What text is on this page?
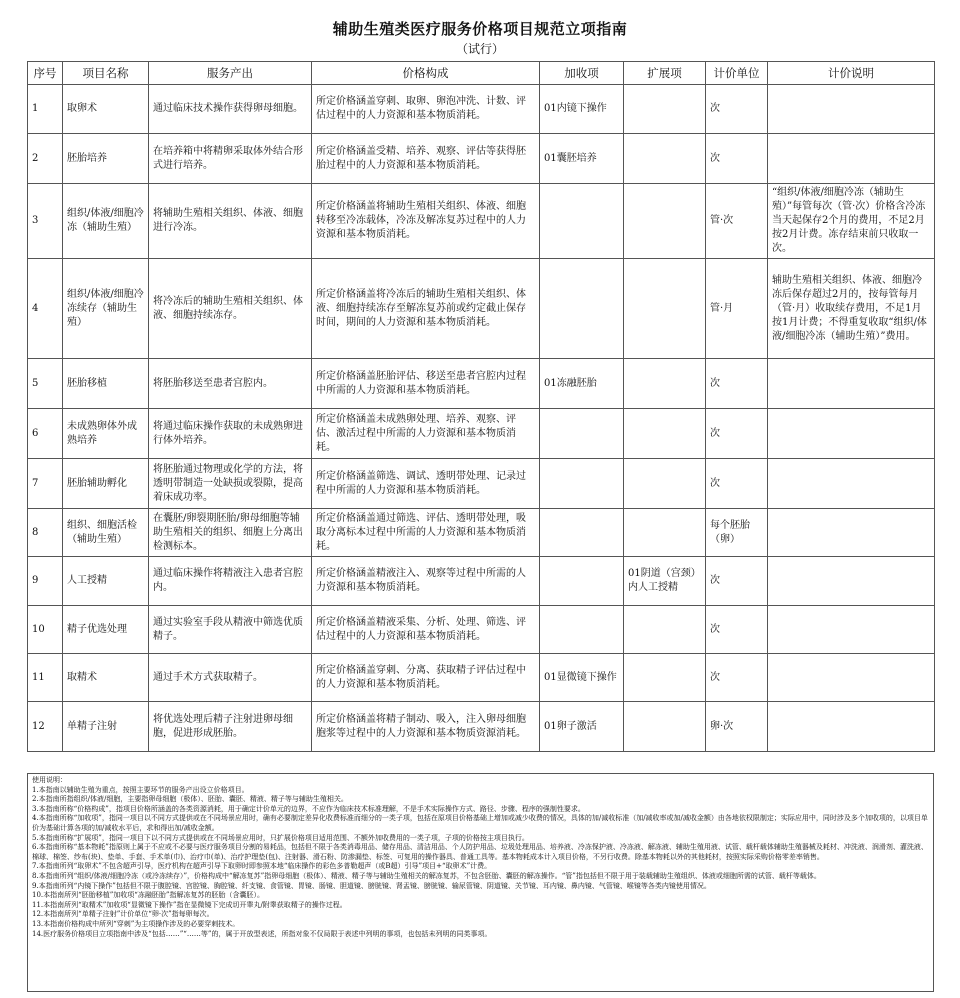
辅助生殖类医疗服务价格项目规范立项指南
（试行）
序号	项目名称	服务产出	价格构成	加收项	扩展项	计价单位	计价说明
1	取卵术	通过临床技术操作获得卵母细胞。	所定价格涵盖穿刺、取卵、卵泡冲洗、计数、评估过程中的人力资源和基本物质消耗。	01内镜下操作		次	
2	胚胎培养	在培养箱中将精卵采取体外结合形式进行培养。	所定价格涵盖受精、培养、观察、评估等获得胚胎过程中的人力资源和基本物质消耗。	01囊胚培养		次	
3	组织/体液/细胞冷冻（辅助生殖）	将辅助生殖相关组织、体液、细胞进行冷冻。	所定价格涵盖将辅助生殖相关组织、体液、细胞转移至冷冻载体，冷冻及解冻复苏过程中的人力资源和基本物质消耗。			管·次	“组织/体液/细胞冷冻（辅助生殖）”每管每次（管·次）价格含冷冻当天起保存2个月的费用，不足2月按2月计费。冻存结束前只收取一次。
4	组织/体液/细胞冷冻续存（辅助生殖）	将冷冻后的辅助生殖相关组织、体液、细胞持续冻存。	所定价格涵盖将冷冻后的辅助生殖相关组织、体液、细胞持续冻存至解冻复苏前或约定截止保存时间，期间的人力资源和基本物质消耗。			管·月	辅助生殖相关组织、体液、细胞冷冻后保存超过2月的，按每管每月（管·月）收取续存费用，不足1月按1月计费；不得重复收取“组织/体液/细胞冷冻（辅助生殖）”费用。
5	胚胎移植	将胚胎移送至患者宫腔内。	所定价格涵盖胚胎评估、移送至患者宫腔内过程中所需的人力资源和基本物质消耗。	01冻融胚胎		次	
6	未成熟卵体外成熟培养	将通过临床操作获取的未成熟卵进行体外培养。	所定价格涵盖未成熟卵处理、培养、观察、评估、激活过程中所需的人力资源和基本物质消耗。			次	
7	胚胎辅助孵化	将胚胎通过物理或化学的方法，将透明带制造一处缺损或裂隙，提高着床成功率。	所定价格涵盖筛选、调试、透明带处理、记录过程中所需的人力资源和基本物质消耗。			次	
8	组织、细胞活检（辅助生殖）	在囊胚/卵裂期胚胎/卵母细胞等辅助生殖相关的组织、细胞上分离出检测标本。	所定价格涵盖通过筛选、评估、透明带处理，吸取分离标本过程中所需的人力资源和基本物质消耗。			每个胚胎（卵）	
9	人工授精	通过临床操作将精液注入患者宫腔内。	所定价格涵盖精液注入、观察等过程中所需的人力资源和基本物质消耗。		01阴道（宫颈）内人工授精	次	
10	精子优选处理	通过实验室手段从精液中筛选优质精子。	所定价格涵盖精液采集、分析、处理、筛选、评估过程中的人力资源和基本物质消耗。			次	
11	取精术	通过手术方式获取精子。	所定价格涵盖穿刺、分离、获取精子评估过程中的人力资源和基本物质消耗。	01显微镜下操作		次	
12	单精子注射	将优选处理后精子注射进卵母细胞，促进形成胚胎。	所定价格涵盖将精子制动、吸入，注入卵母细胞胞浆等过程中的人力资源和基本物质资源消耗。	01卵子激活		卵·次	

使用说明：

1.本指南以辅助生殖为重点，按照主要环节的服务产出设立价格项目。

2.本指南所指组织/体液/细胞，主要指卵母细胞（极体）、胚胎、囊胚、精液、精子等与辅助生殖相关。

3.本指南所称“价格构成”，指项目价格所涵盖的各类资源消耗，用于确定计价单元的边界，不应作为临床技术标准理解，不是手术实际操作方式、路径、步骤、程序的强制性要求。

4.本指南所称“加收项”，指同一项目以不同方式提供或在不同场景应用时，确有必要制定差异化收费标准而细分的一类子项，包括在原项目价格基础上增加或减少收费的情况，具体的加/减收标准（加/减收率或加/减收金额）由各地依权限制定；实际应用中，同时涉及多个加收项的，以项目单价为基础计算各项的加/减收水平后，求和得出加/减收金额。

5.本指南所称“扩展项”，指同一项目下以不同方式提供或在不同场景应用时，只扩展价格项目适用范围、不额外加收费用的一类子项，子项的价格按主项目执行。

6.本指南所称“基本物耗”指原则上属于不应或不必要与医疗服务项目分割的易耗品，包括但不限于各类消毒用品、储存用品、清洁用品、个人防护用品、垃圾处理用品、培养液、冷冻保护液、冷冻液、解冻液、辅助生殖用液、试管、载杆载体辅助生殖器械及耗材、冲洗液、润滑剂、灌洗液、棉球、棉签、纱布(块)、垫单、手套、手术单(巾)、治疗巾(单)、治疗护理垫(包)、注射器、滑石粉、防渗漏垫、标签、可复用的操作器具、普通工具等。基本物耗成本计入项目价格，不另行收费。除基本物耗以外的其他耗材，按照实际采购价格零差率销售。

7.本指南所列“取卵术”不包含超声引导，医疗机构在超声引导下取卵时即参照本地“临床操作的彩色多普勒超声（或B超）引导”项目+“取卵术”计费。

8.本指南所列“组织/体液/细胞冷冻（或冷冻续存）”，价格构成中“解冻复苏”指卵母细胞（极体）、精液、精子等与辅助生殖相关的解冻复苏，不包含胚胎、囊胚的解冻操作。“管”指包括但不限于用于装载辅助生殖组织、体液或细胞所需的试管、载杆等载体。

9.本指南所列“内镜下操作”包括但不限于腹腔镜、宫腔镜、胸腔镜、纤支镜、食管镜、胃镜、肠镜、胆道镜、膀胱镜、肾盂镜、膀胱镜、输尿管镜、阴道镜、关节镜、耳内镜、鼻内镜、气管镜、喉镜等各类内镜使用情况。

10.本指南所列“胚胎移植”加收项“冻融胚胎”指解冻复苏的胚胎（含囊胚）。

11.本指南所列“取精术”加收项“显微镜下操作”指在显微镜下完成切开睾丸/附睾获取精子的操作过程。

12.本指南所列“单精子注射”计价单位“卵·次”指每卵每次。

13.本指南价格构成中所列“穿刺”为主项操作涉及的必要穿刺技术。

14.医疗服务价格项目立项指南中涉及“包括……”“……等”的，属于开放型表述，所指对象不仅局限于表述中列明的事项，也包括未列明的同类事项。
